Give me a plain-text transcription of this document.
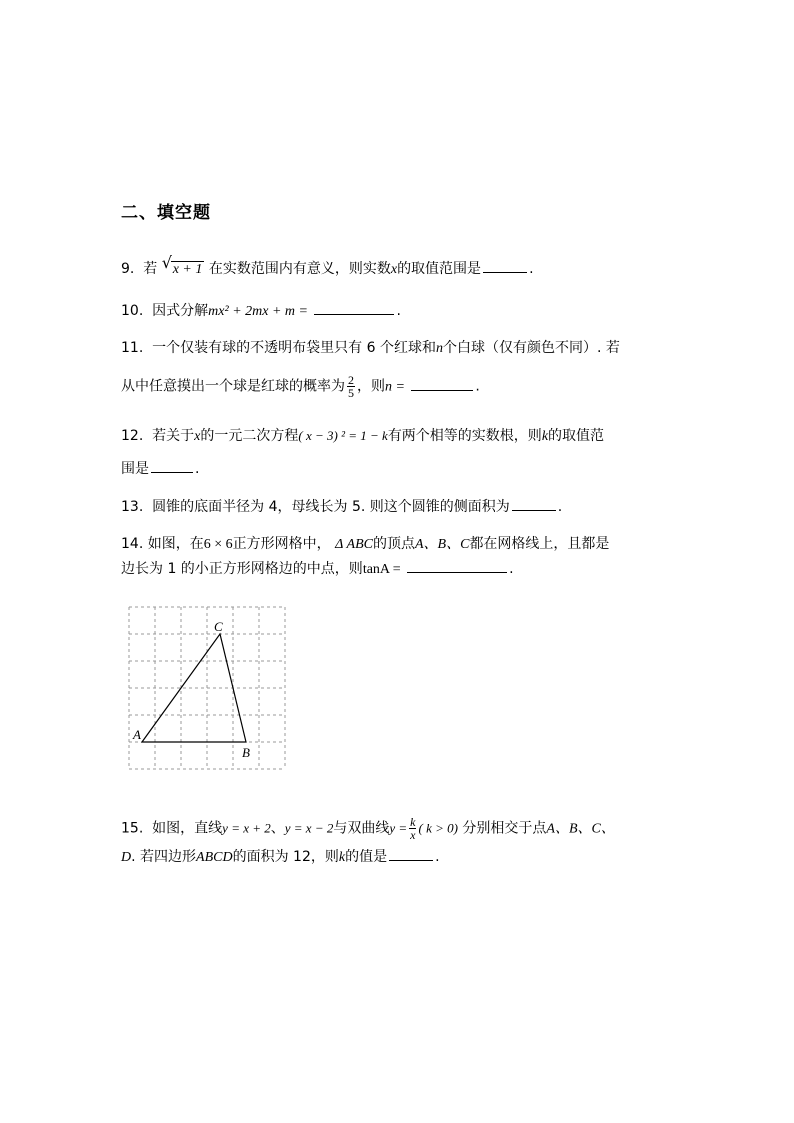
二、填空题
9. 若 √ x + 1 在实数范围内有意义，则实数x的取值范围是	.
10. 因式分解mx² + 2mx + m =	.
11. 一个仅装有球的不透明布袋里只有 6 个红球和n个白球（仅有颜色不同）. 若
从中任意摸出一个球是红球的概率为 $\frac{2}{5}$ ，则n =	.
12. 若关于x的一元二次方程( x − 3) ² = 1 − k有两个相等的实数根，则k的取值范
围是	.
13. 圆锥的底面半径为 4，母线长为 5. 则这个圆锥的侧面积为	.
14. 如图，在6 × 6正方形网格中， Δ ABC的顶点A、B、C都在网格线上，且都是
边长为 1 的小正方形网格边的中点，则tanA =	.
A
B
C
15. 如图，直线y = x + 2、y = x − 2与双曲线$y = \frac{k}{x}$ ( k > 0) 分别相交于点A、B、C、
D. 若四边形ABCD的面积为 12，则k的值是	.
